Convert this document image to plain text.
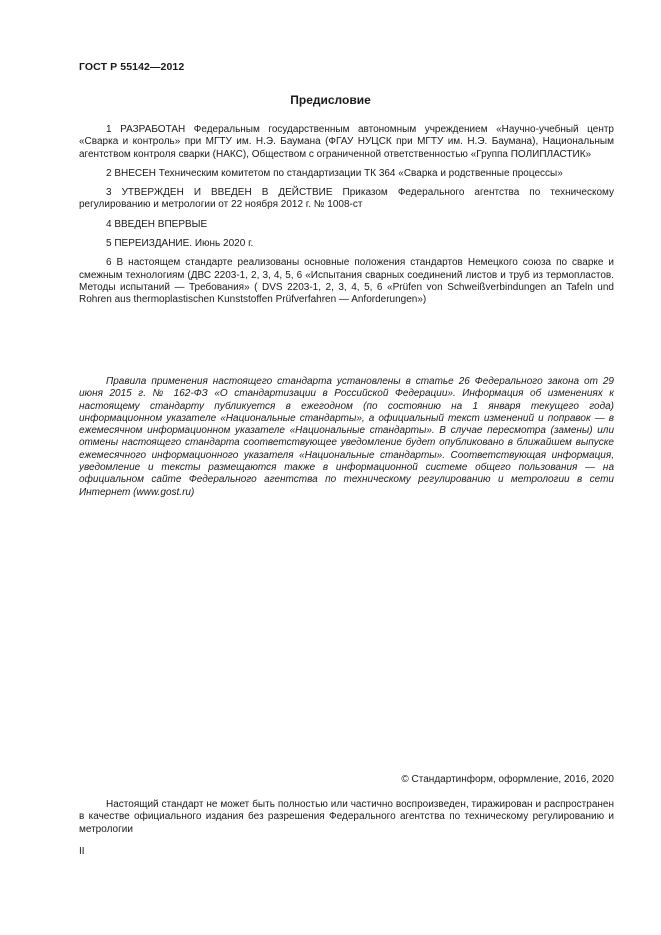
ГОСТ Р 55142—2012
Предисловие

1 РАЗРАБОТАН Федеральным государственным автономным учреждением «Научно-учебный центр «Сварка и контроль» при МГТУ им. Н.Э. Баумана (ФГАУ НУЦСК при МГТУ им. Н.Э. Баумана), Национальным агентством контроля сварки (НАКС), Обществом с ограниченной ответственностью «Группа ПОЛИПЛАСТИК»

2 ВНЕСЕН Техническим комитетом по стандартизации ТК 364 «Сварка и родственные процессы»

3 УТВЕРЖДЕН И ВВЕДЕН В ДЕЙСТВИЕ Приказом Федерального агентства по техническому регулированию и метрологии от 22 ноября 2012 г. № 1008-ст

4 ВВЕДЕН ВПЕРВЫЕ

5 ПЕРЕИЗДАНИЕ. Июнь 2020 г.

6 В настоящем стандарте реализованы основные положения стандартов Немецкого союза по сварке и смежным технологиям (ДВС 2203-1, 2, 3, 4, 5, 6 «Испытания сварных соединений листов и труб из термопластов. Методы испытаний — Требования» ( DVS 2203-1, 2, 3, 4, 5, 6 «Prüfen von Schweißverbindungen an Tafeln und Rohren aus thermoplastischen Kunststoffen Prüfverfahren — Anforderungen»)

Правила применения настоящего стандарта установлены в статье 26 Федерального закона от 29 июня 2015 г. № 162-ФЗ «О стандартизации в Российской Федерации». Информация об изменениях к настоящему стандарту публикуется в ежегодном (по состоянию на 1 января текущего года) информационном указателе «Национальные стандарты», а официальный текст изменений и поправок — в ежемесячном информационном указателе «Национальные стандарты». В случае пересмотра (замены) или отмены настоящего стандарта соответствующее уведомление будет опубликовано в ближайшем выпуске ежемесячного информационного указателя «Национальные стандарты». Соответствующая информация, уведомление и тексты размещаются также в информационной системе общего пользования — на официальном сайте Федерального агентства по техническому регулированию и метрологии в сети Интернет (www.gost.ru)

© Стандартинформ, оформление, 2016, 2020

Настоящий стандарт не может быть полностью или частично воспроизведен, тиражирован и распространен в качестве официального издания без разрешения Федерального агентства по техническому регулированию и метрологии

II
